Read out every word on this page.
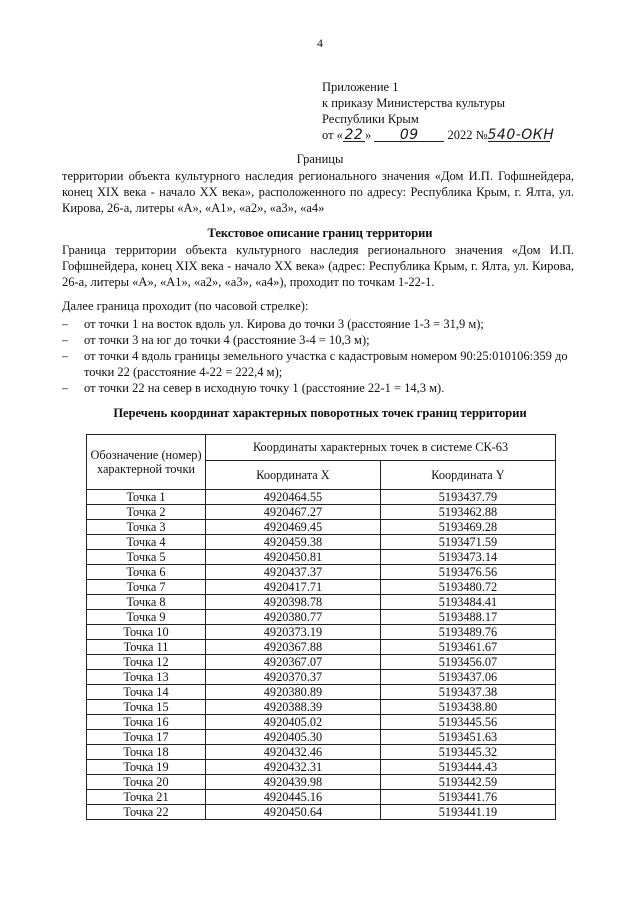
4
Приложение 1
к приказу Министерства культуры
Республики Крым
от « 22 » 09 2022 №540-ОКН
Границы
территории объекта культурного наследия регионального значения «Дом И.П. Гофшнейдера, конец XIX века - начало XX века», расположенного по адресу: Республика Крым, г. Ялта, ул. Кирова, 26-а, литеры «А», «А1», «а2», «а3», «а4»
Текстовое описание границ территории
Граница территории объекта культурного наследия регионального значения «Дом И.П. Гофшнейдера, конец XIX века - начало XX века» (адрес: Республика Крым, г. Ялта, ул. Кирова, 26-а, литеры «А», «А1», «а2», «а3», «а4»), проходит по точкам 1-22-1.
Далее граница проходит (по часовой стрелке):
– от точки 1 на восток вдоль ул. Кирова до точки 3 (расстояние 1-3 = 31,9 м);
– от точки 3 на юг до точки 4 (расстояние 3-4 = 10,3 м);
– от точки 4 вдоль границы земельного участка с кадастровым номером 90:25:010106:359 до точки 22 (расстояние 4-22 = 222,4 м);
– от точки 22 на север в исходную точку 1 (расстояние 22-1 = 14,3 м).
Перечень координат характерных поворотных точек границ территории
Обозначение (номер) характерной точки	Координаты характерных точек в системе СК-63	
	Координата X	Координата Y
Точка 1	4920464.55	5193437.79
Точка 2	4920467.27	5193462.88
Точка 3	4920469.45	5193469.28
Точка 4	4920459.38	5193471.59
Точка 5	4920450.81	5193473.14
Точка 6	4920437.37	5193476.56
Точка 7	4920417.71	5193480.72
Точка 8	4920398.78	5193484.41
Точка 9	4920380.77	5193488.17
Точка 10	4920373.19	5193489.76
Точка 11	4920367.88	5193461.67
Точка 12	4920367.07	5193456.07
Точка 13	4920370.37	5193437.06
Точка 14	4920380.89	5193437.38
Точка 15	4920388.39	5193438.80
Точка 16	4920405.02	5193445.56
Точка 17	4920405.30	5193451.63
Точка 18	4920432.46	5193445.32
Точка 19	4920432.31	5193444.43
Точка 20	4920439.98	5193442.59
Точка 21	4920445.16	5193441.76
Точка 22	4920450.64	5193441.19
